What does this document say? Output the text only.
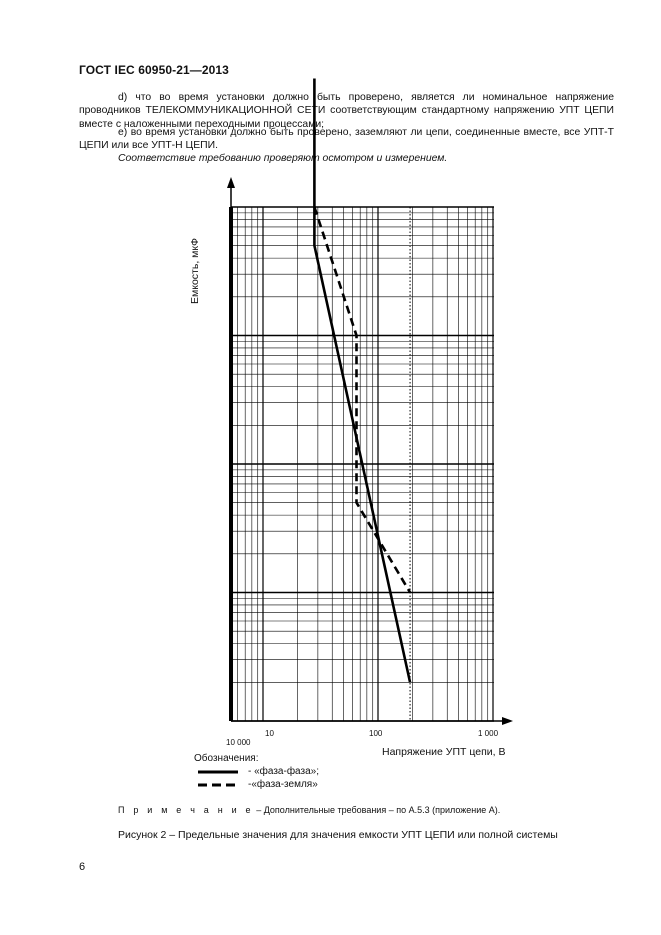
ГОСТ IEC 60950-21—2013
d) что во время установки должно быть проверено, является ли номинальное напряжение проводников ТЕЛЕКОММУНИКАЦИОННОЙ СЕТИ соответствующим стандартному напряжению УПТ ЦЕПИ вместе с наложенными переходными процессами;
e) во время установки должно быть проверено, заземляют ли цепи, соединенные вместе, все УПТ-Т ЦЕПИ или все УПТ-Н ЦЕПИ.
Соответствие требованию проверяют осмотром и измерением.
Емкость, мкФ
10	100	1 000
10 000
Напряжение УПТ цепи, В
Обозначения:
- «фаза-фаза»;
-«фаза-земля»
П р и м е ч а н и е – Дополнительные требования – по А.5.3 (приложение А).
Рисунок 2 – Предельные значения для значения емкости УПТ ЦЕПИ или полной системы
6
